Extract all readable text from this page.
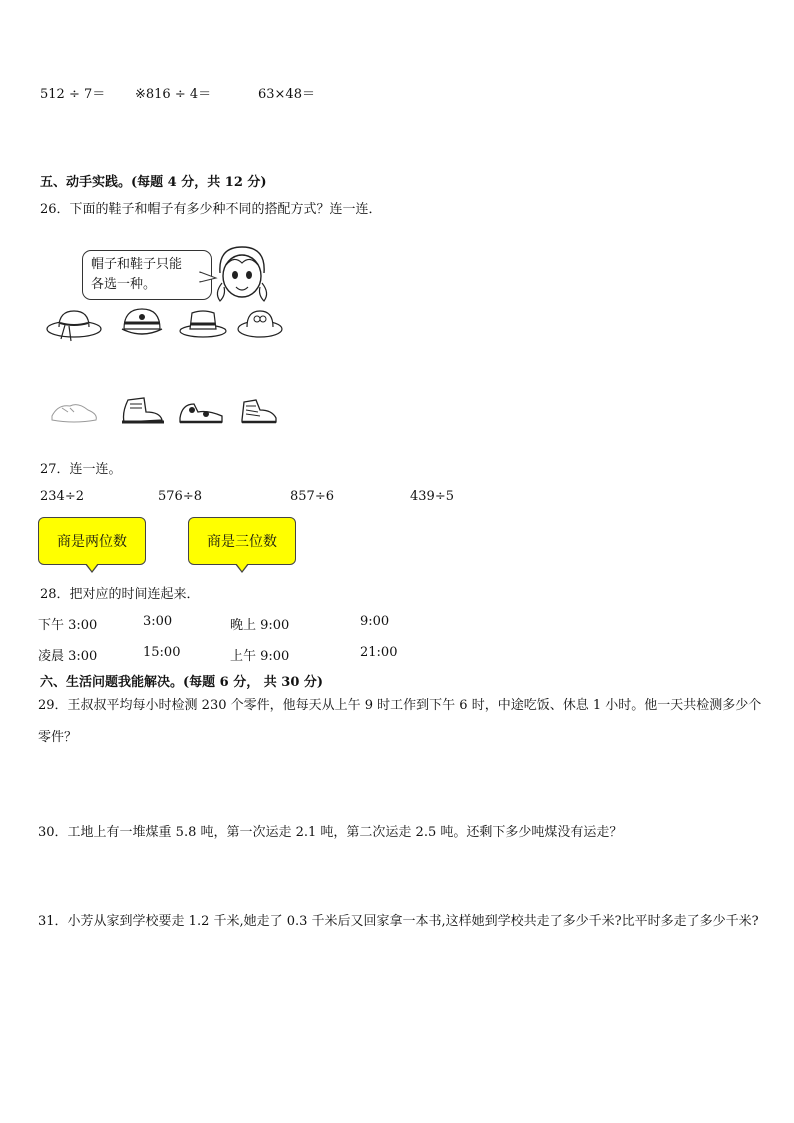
512 ÷ 7＝ ※816 ÷ 4＝	63×48＝
五、动手实践。(每题 4 分，共 12 分)
26．下面的鞋子和帽子有多少种不同的搭配方式？连一连．
帽子和鞋子只能
各选一种。
27．连一连。
234÷2	576÷8	857÷6	439÷5
商是两位数	商是三位数
28．把对应的时间连起来．
下午 3:00	3:00	晚上 9:00	9:00
凌晨 3:00	15:00	上午 9:00	21:00
六、生活问题我能解决。(每题 6 分， 共 30 分)
29．王叔叔平均每小时检测 230 个零件，他每天从上午 9 时工作到下午 6 时，中途吃饭、休息 1 小时。他一天共检测多少个零件？
30．工地上有一堆煤重 5.8 吨，第一次运走 2.1 吨，第二次运走 2.5 吨。还剩下多少吨煤没有运走？
31．小芳从家到学校要走 1.2 千米,她走了 0.3 千米后又回家拿一本书,这样她到学校共走了多少千米?比平时多走了多少千米?
